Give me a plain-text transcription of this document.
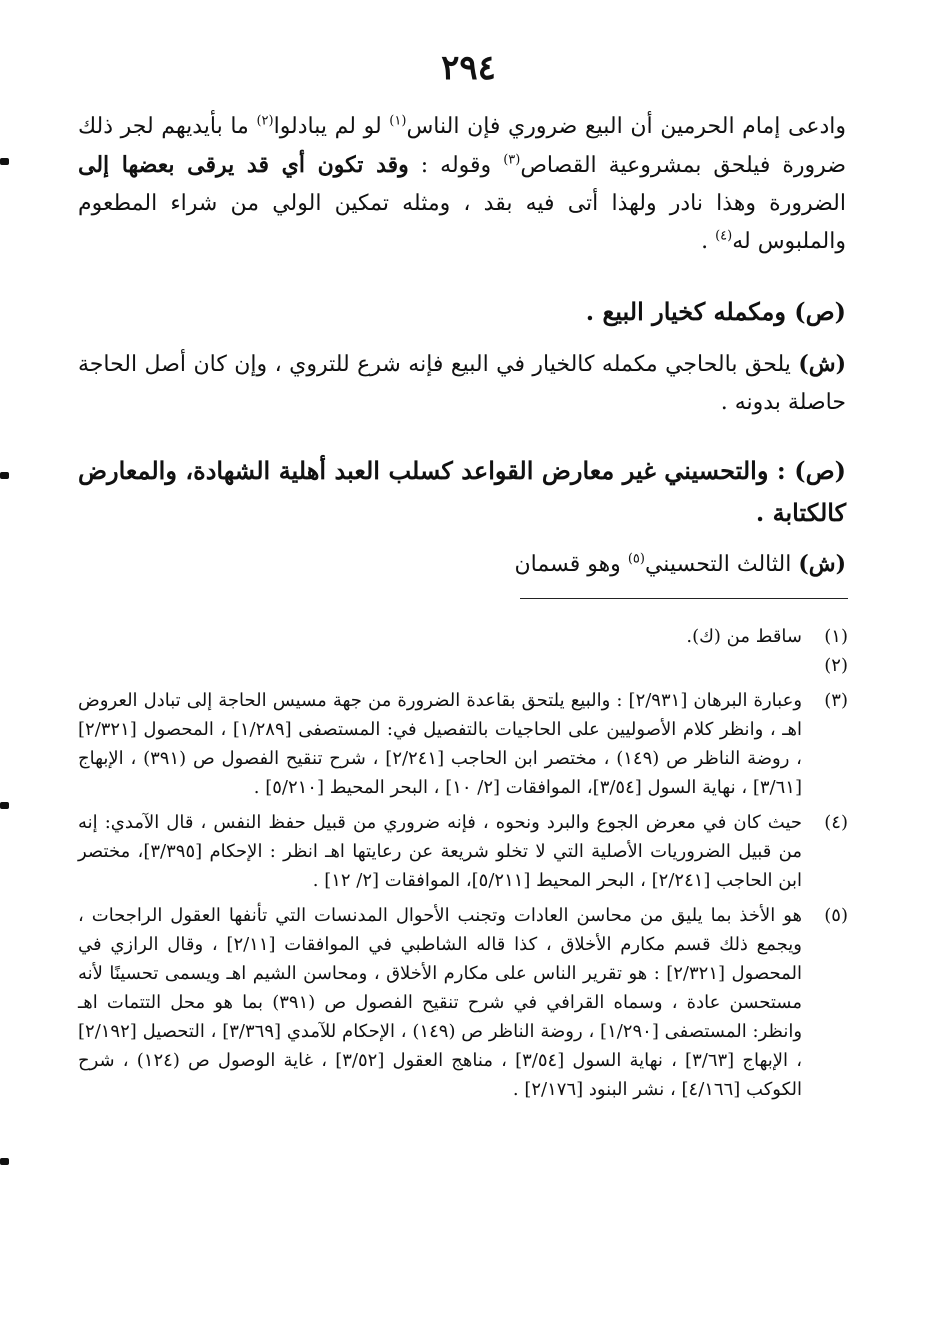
٢٩٤
وادعى إمام الحرمين أن البيع ضروري فإن الناس$^{(١)}$ لو لم يبادلوا$^{(٢)}$ ما بأيديهم لجر ذلك ضرورة فيلحق بمشروعية القصاص$^{(٣)}$ وقوله : وقد تكون أي قد يرقى بعضها إلى الضرورة وهذا نادر ولهذا أتى فيه بقد ، ومثله تمكين الولي من شراء المطعوم والملبوس له$^{(٤)}$ .
(ص) ومكمله كخيار البيع .
(ش) يلحق بالحاجي مكمله كالخيار في البيع فإنه شرع للتروي ، وإن كان أصل الحاجة حاصلة بدونه .
(ص) : والتحسيني غير معارض القواعد كسلب العبد أهلية الشهادة، والمعارض كالكتابة .
(ش) الثالث التحسيني$^{(٥)}$ وهو قسمان
(١) (٢)
ساقط من (ك).
(٣)
وعبارة البرهان [٢/٩٣١] : والبيع يلتحق بقاعدة الضرورة من جهة مسيس الحاجة إلى تبادل العروض اهـ ، وانظر كلام الأصوليين على الحاجيات بالتفصيل في: المستصفى [١/٢٨٩] ، المحصول [٢/٣٢١] ، روضة الناظر ص (١٤٩) ، مختصر ابن الحاجب [٢/٢٤١] ، شرح تنقيح الفصول ص (٣٩١) ، الإبهاج [٣/٦١] ، نهاية السول [٣/٥٤]، الموافقات [٢/ ١٠] ، البحر المحيط [٥/٢١٠] .
(٤)
حيث كان في معرض الجوع والبرد ونحوه ، فإنه ضروري من قبيل حفظ النفس ، قال الآمدي: إنه من قبيل الضروريات الأصلية التي لا تخلو شريعة عن رعايتها اهـ انظر : الإحكام [٣/٣٩٥]، مختصر ابن الحاجب [٢/٢٤١] ، البحر المحيط [٥/٢١١]، الموافقات [٢/ ١٢] .
(٥)
هو الأخذ بما يليق من محاسن العادات وتجنب الأحوال المدنسات التي تأنفها العقول الراجحات ، ويجمع ذلك قسم مكارم الأخلاق ، كذا قاله الشاطبي في الموافقات [٢/١١] ، وقال الرازي في المحصول [٢/٣٢١] : هو تقرير الناس على مكارم الأخلاق ، ومحاسن الشيم اهـ ويسمى تحسينًا لأنه مستحسن عادة ، وسماه القرافي في شرح تنقيح الفصول ص (٣٩١) بما هو محل التتمات اهـ وانظر: المستصفى [١/٢٩٠] ، روضة الناظر ص (١٤٩) ، الإحكام للآمدي [٣/٣٦٩] ، التحصيل [٢/١٩٢] ، الإبهاج [٣/٦٣] ، نهاية السول [٣/٥٤] ، مناهج العقول [٣/٥٢] ، غاية الوصول ص (١٢٤) ، شرح الكوكب [٤/١٦٦] ، نشر البنود [٢/١٧٦] .
